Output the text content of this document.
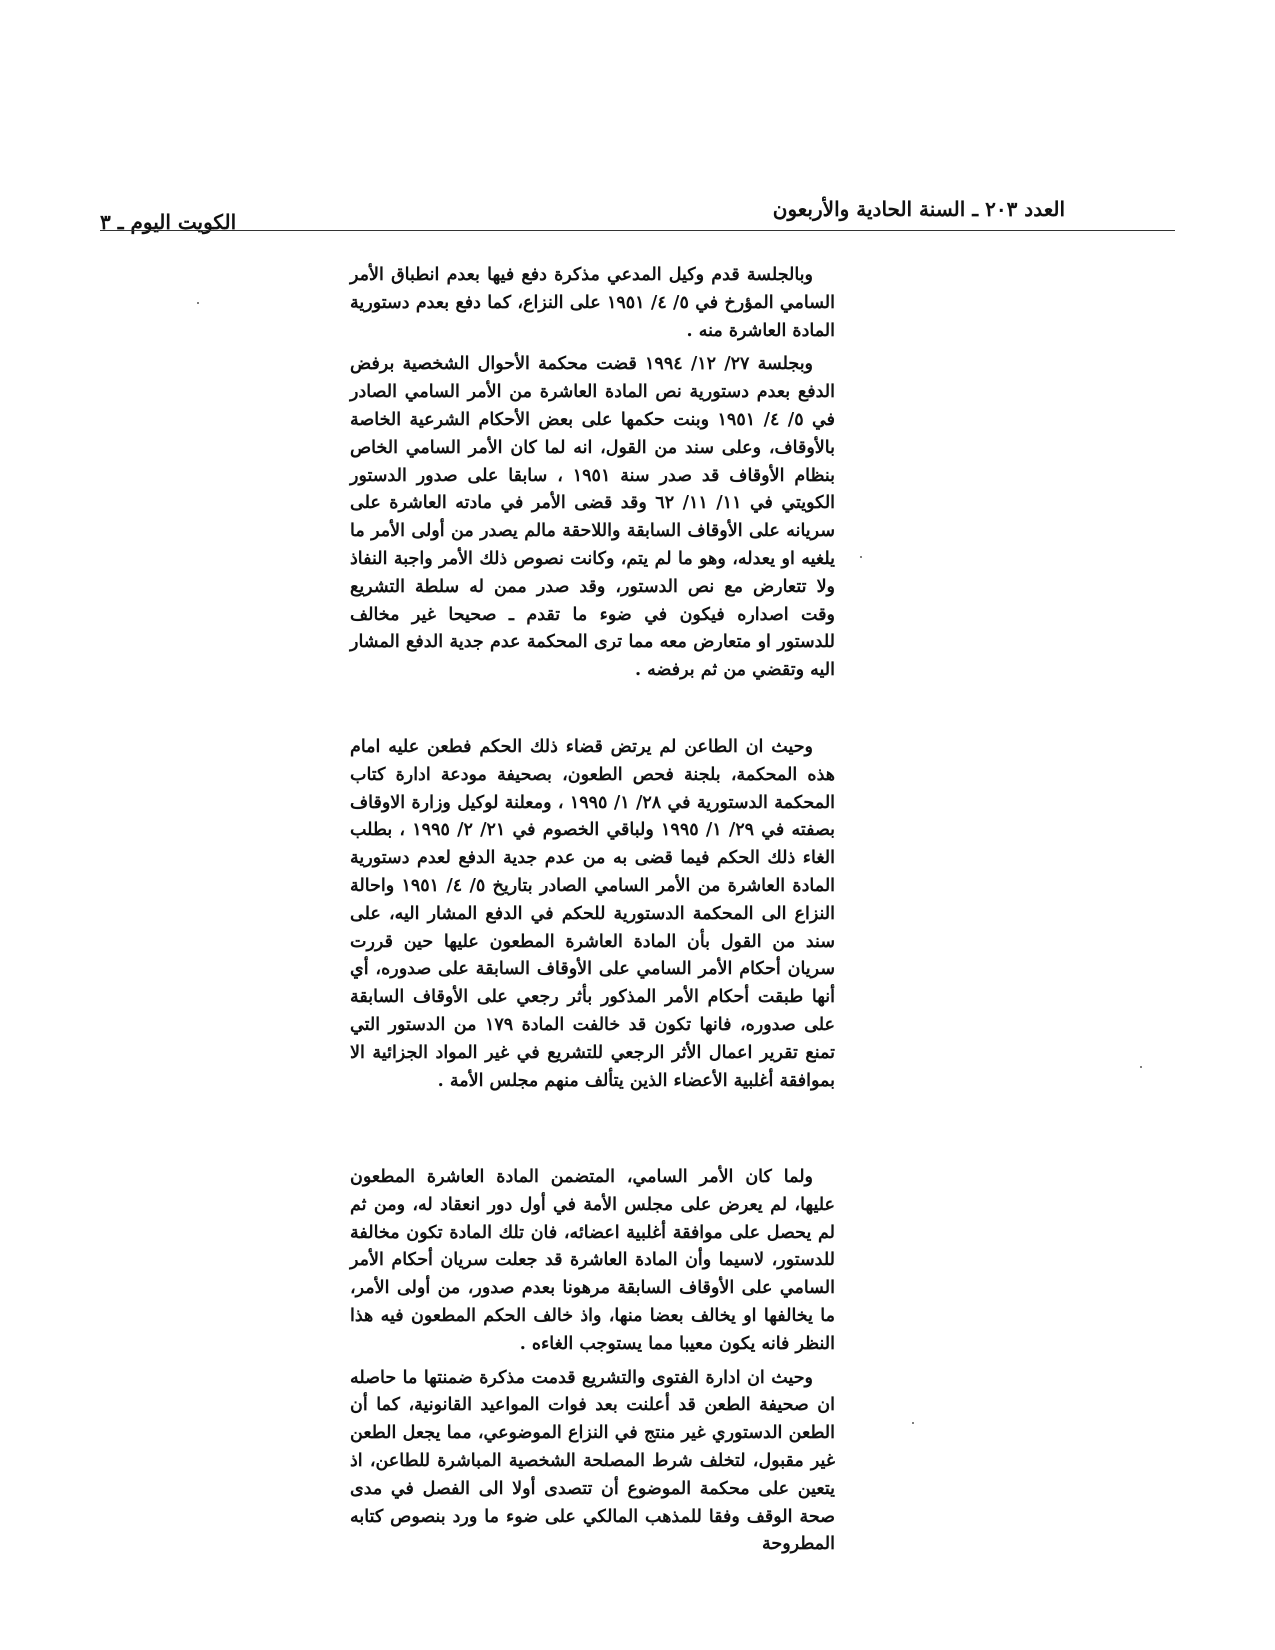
العدد ٢٠٣ ـ السنة الحادية والأربعون
الكويت اليوم ـ ٣

وبالجلسة قدم وكيل المدعي مذكرة دفع فيها بعدم انطباق الأمر السامي المؤرخ في ٥/ ٤/ ١٩٥١ على النزاع، كما دفع بعدم دستورية المادة العاشرة منه .

وبجلسة ٢٧/ ١٢/ ١٩٩٤ قضت محكمة الأحوال الشخصية برفض الدفع بعدم دستورية نص المادة العاشرة من الأمر السامي الصادر في ٥/ ٤/ ١٩٥١ وبنت حكمها على بعض الأحكام الشرعية الخاصة بالأوقاف، وعلى سند من القول، انه لما كان الأمر السامي الخاص بنظام الأوقاف قد صدر سنة ١٩٥١ ، سابقا على صدور الدستور الكويتي في ١١/ ١١/ ٦٢ وقد قضى الأمر في مادته العاشرة على سريانه على الأوقاف السابقة واللاحقة مالم يصدر من أولى الأمر ما يلغيه او يعدله، وهو ما لم يتم، وكانت نصوص ذلك الأمر واجبة النفاذ ولا تتعارض مع نص الدستور، وقد صدر ممن له سلطة التشريع وقت اصداره فيكون في ضوء ما تقدم ـ صحيحا غير مخالف للدستور او متعارض معه مما ترى المحكمة عدم جدية الدفع المشار اليه وتقضي من ثم برفضه .

وحيث ان الطاعن لم يرتض قضاء ذلك الحكم فطعن عليه امام هذه المحكمة، بلجنة فحص الطعون، بصحيفة مودعة ادارة كتاب المحكمة الدستورية في ٢٨/ ١/ ١٩٩٥ ، ومعلنة لوكيل وزارة الاوقاف بصفته في ٢٩/ ١/ ١٩٩٥ ولباقي الخصوم في ٢١/ ٢/ ١٩٩٥ ، بطلب الغاء ذلك الحكم فيما قضى به من عدم جدية الدفع لعدم دستورية المادة العاشرة من الأمر السامي الصادر بتاريخ ٥/ ٤/ ١٩٥١ واحالة النزاع الى المحكمة الدستورية للحكم في الدفع المشار اليه، على سند من القول بأن المادة العاشرة المطعون عليها حين قررت سريان أحكام الأمر السامي على الأوقاف السابقة على صدوره، أي أنها طبقت أحكام الأمر المذكور بأثر رجعي على الأوقاف السابقة على صدوره، فانها تكون قد خالفت المادة ١٧٩ من الدستور التي تمنع تقرير اعمال الأثر الرجعي للتشريع في غير المواد الجزائية الا بموافقة أغلبية الأعضاء الذين يتألف منهم مجلس الأمة .

ولما كان الأمر السامي، المتضمن المادة العاشرة المطعون عليها، لم يعرض على مجلس الأمة في أول دور انعقاد له، ومن ثم لم يحصل على موافقة أغلبية اعضائه، فان تلك المادة تكون مخالفة للدستور، لاسيما وأن المادة العاشرة قد جعلت سريان أحكام الأمر السامي على الأوقاف السابقة مرهونا بعدم صدور، من أولى الأمر، ما يخالفها او يخالف بعضا منها، واذ خالف الحكم المطعون فيه هذا النظر فانه يكون معيبا مما يستوجب الغاءه .

وحيث ان ادارة الفتوى والتشريع قدمت مذكرة ضمنتها ما حاصله ان صحيفة الطعن قد أعلنت بعد فوات المواعيد القانونية، كما أن الطعن الدستوري غير منتج في النزاع الموضوعي، مما يجعل الطعن غير مقبول، لتخلف شرط المصلحة الشخصية المباشرة للطاعن، اذ يتعين على محكمة الموضوع أن تتصدى أولا الى الفصل في مدى صحة الوقف وفقا للمذهب المالكي على ضوء ما ورد بنصوص كتابه المطروحة
